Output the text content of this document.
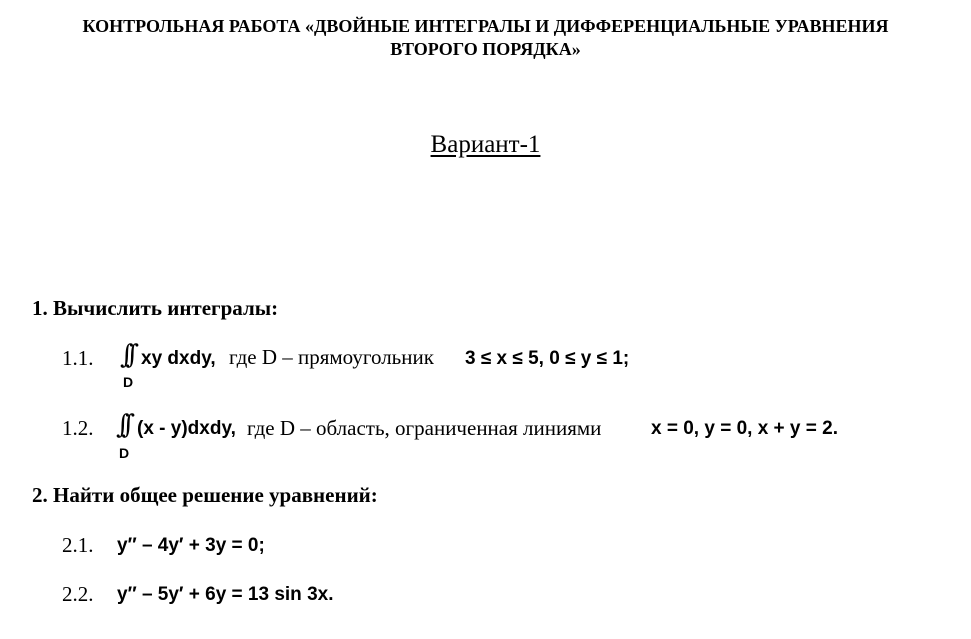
КОНТРОЛЬНАЯ РАБОТА «ДВОЙНЫЕ ИНТЕГРАЛЫ И ДИФФЕРЕНЦИАЛЬНЫЕ УРАВНЕНИЯ
ВТОРОГО ПОРЯДКА»
Вариант-1
1. Вычислить интегралы:
1.1. ∫∫
D
xy dxdy, где D – прямоугольник 3 ≤ x ≤ 5, 0 ≤ y ≤ 1;
1.2. ∫∫
D
(x - y)dxdy, где D – область, ограниченная линиями	x = 0, y = 0, x + y = 2.
2. Найти общее решение уравнений:
2.1. y″ – 4y′ + 3y = 0;
2.2. y″ – 5y′ + 6y = 13 sin 3x.
